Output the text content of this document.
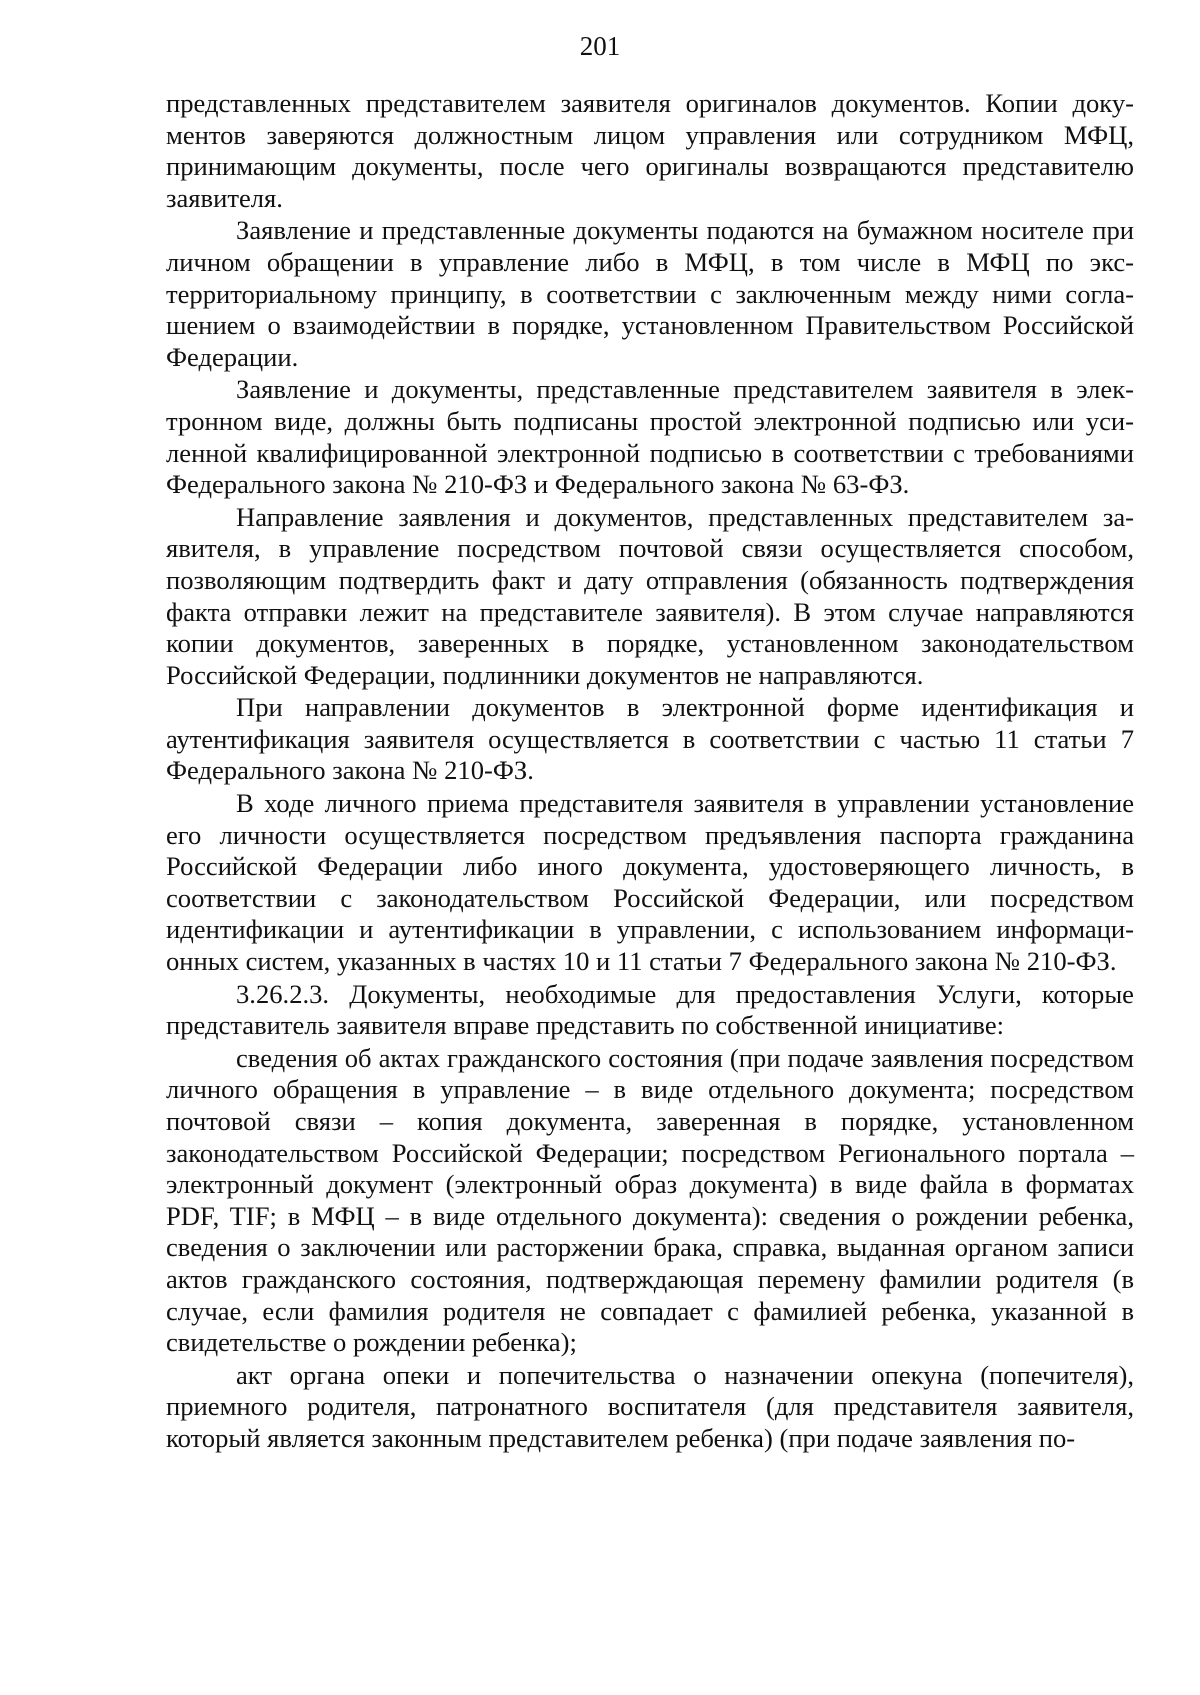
201

представленных представителем заявителя оригиналов документов. Копии документов заверяются должностным лицом управления или сотрудником МФЦ, принимающим документы, после чего оригиналы возвращаются представителю заявителя.

Заявление и представленные документы подаются на бумажном носителе при личном обращении в управление либо в МФЦ, в том числе в МФЦ по экстерриториальному принципу, в соответствии с заключенным между ними соглашением о взаимодействии в порядке, установленном Правительством Российской Федерации.

Заявление и документы, представленные представителем заявителя в электронном виде, должны быть подписаны простой электронной подписью или усиленной квалифицированной электронной подписью в соответствии с требованиями Федерального закона № 210-ФЗ и Федерального закона № 63-ФЗ.

Направление заявления и документов, представленных представителем заявителя, в управление посредством почтовой связи осуществляется способом, позволяющим подтвердить факт и дату отправления (обязанность подтверждения факта отправки лежит на представителе заявителя). В этом случае направляются копии документов, заверенных в порядке, установленном законодательством Российской Федерации, подлинники документов не направляются.

При направлении документов в электронной форме идентификация и аутентификация заявителя осуществляется в соответствии с частью 11 статьи 7 Федерального закона № 210-ФЗ.

В ходе личного приема представителя заявителя в управлении установление его личности осуществляется посредством предъявления паспорта гражданина Российской Федерации либо иного документа, удостоверяющего личность, в соответствии с законодательством Российской Федерации, или посредством идентификации и аутентификации в управлении, с использованием информационных систем, указанных в частях 10 и 11 статьи 7 Федерального закона № 210-ФЗ.

3.26.2.3. Документы, необходимые для предоставления Услуги, которые представитель заявителя вправе представить по собственной инициативе:

сведения об актах гражданского состояния (при подаче заявления посредством личного обращения в управление – в виде отдельного документа; посредством почтовой связи – копия документа, заверенная в порядке, установленном законодательством Российской Федерации; посредством Регионального портала – электронный документ (электронный образ документа) в виде файла в форматах PDF, TIF; в МФЦ – в виде отдельного документа): сведения о рождении ребенка, сведения о заключении или расторжении брака, справка, выданная органом записи актов гражданского состояния, подтверждающая перемену фамилии родителя (в случае, если фамилия родителя не совпадает с фамилией ребенка, указанной в свидетельстве о рождении ребенка);

акт органа опеки и попечительства о назначении опекуна (попечителя), приемного родителя, патронатного воспитателя (для представителя заявителя, который является законным представителем ребенка) (при подаче заявления по-
